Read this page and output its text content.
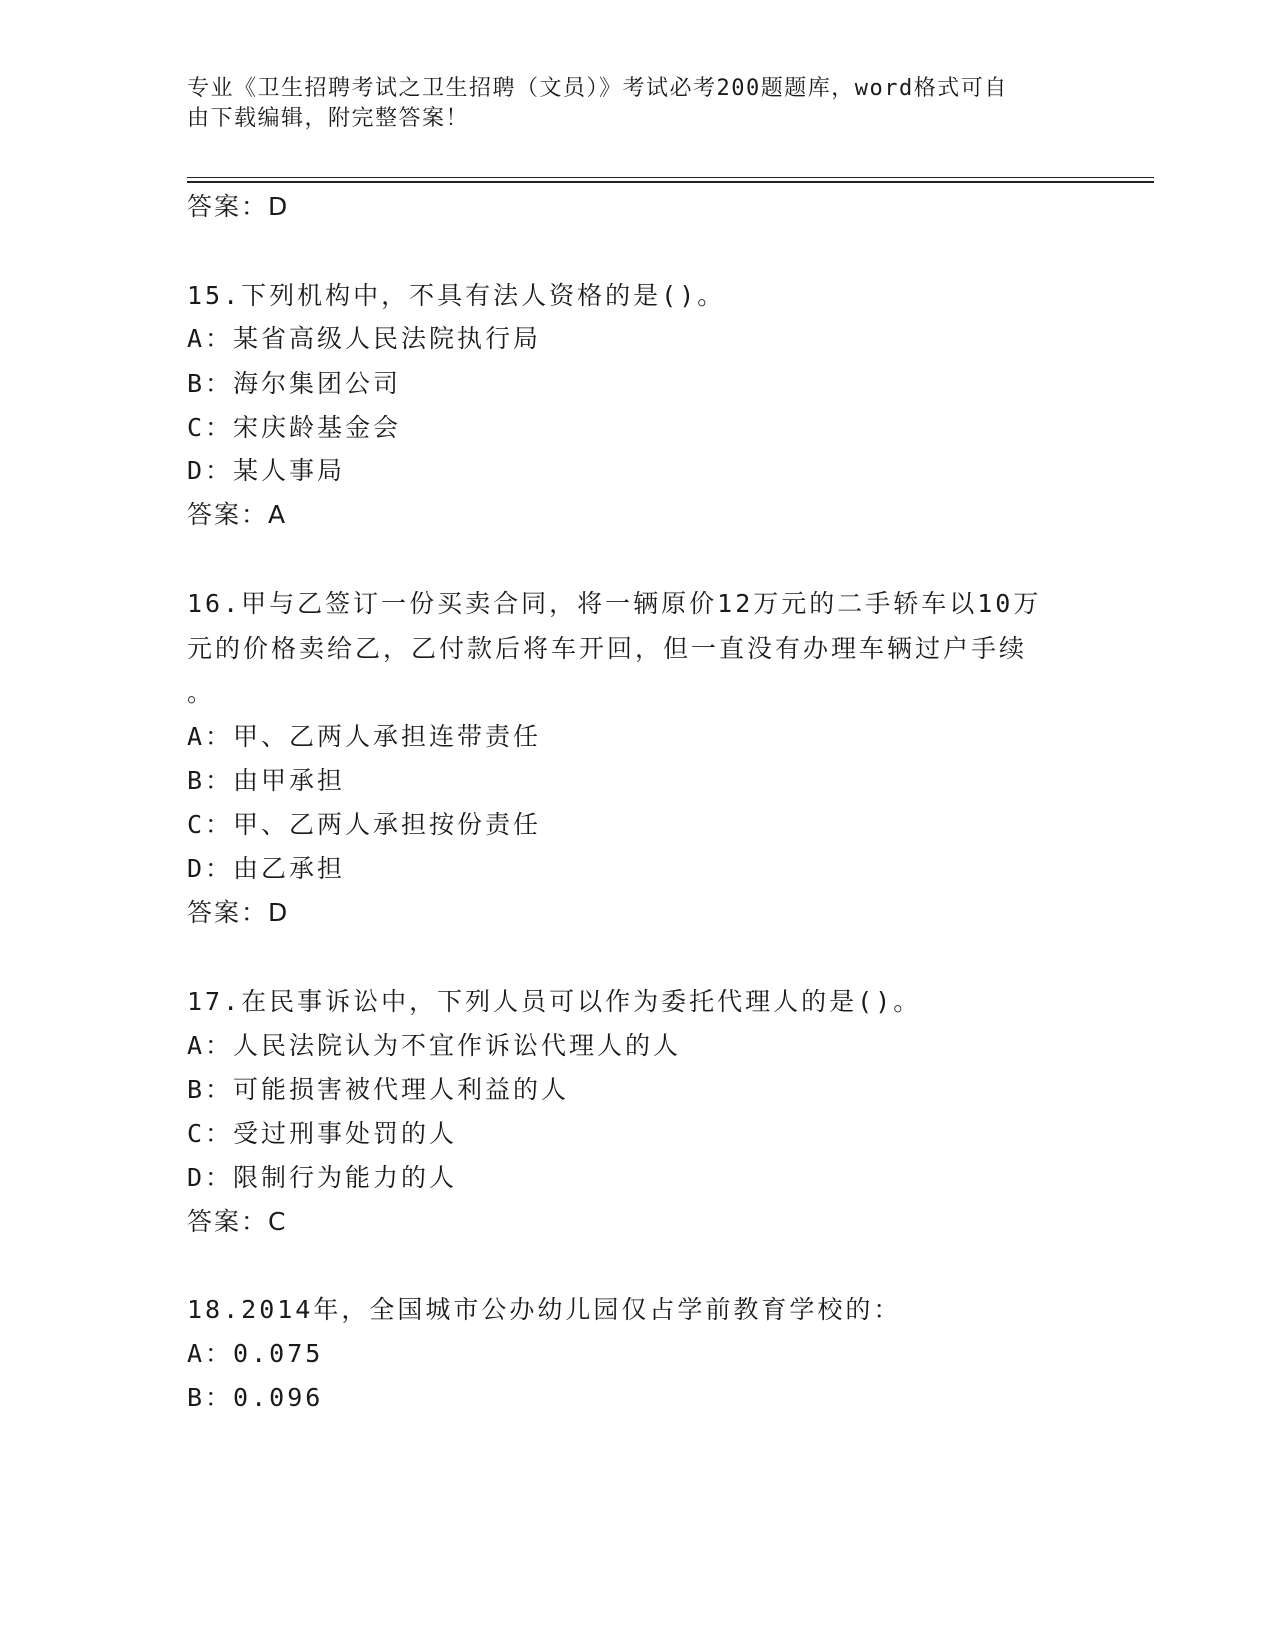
专业《卫生招聘考试之卫生招聘（文员）》考试必考200题题库，word格式可自
由下载编辑，附完整答案！
答案：D
15.下列机构中，不具有法人资格的是()。
A：某省高级人民法院执行局
B：海尔集团公司
C：宋庆龄基金会
D：某人事局
答案：A
16.甲与乙签订一份买卖合同，将一辆原价12万元的二手轿车以10万
元的价格卖给乙，乙付款后将车开回，但一直没有办理车辆过户手续
。
A：甲、乙两人承担连带责任
B：由甲承担
C：甲、乙两人承担按份责任
D：由乙承担
答案：D
17.在民事诉讼中，下列人员可以作为委托代理人的是()。
A：人民法院认为不宜作诉讼代理人的人
B：可能损害被代理人利益的人
C：受过刑事处罚的人
D：限制行为能力的人
答案：C
18.2014年，全国城市公办幼儿园仅占学前教育学校的：
A：0.075
B：0.096
